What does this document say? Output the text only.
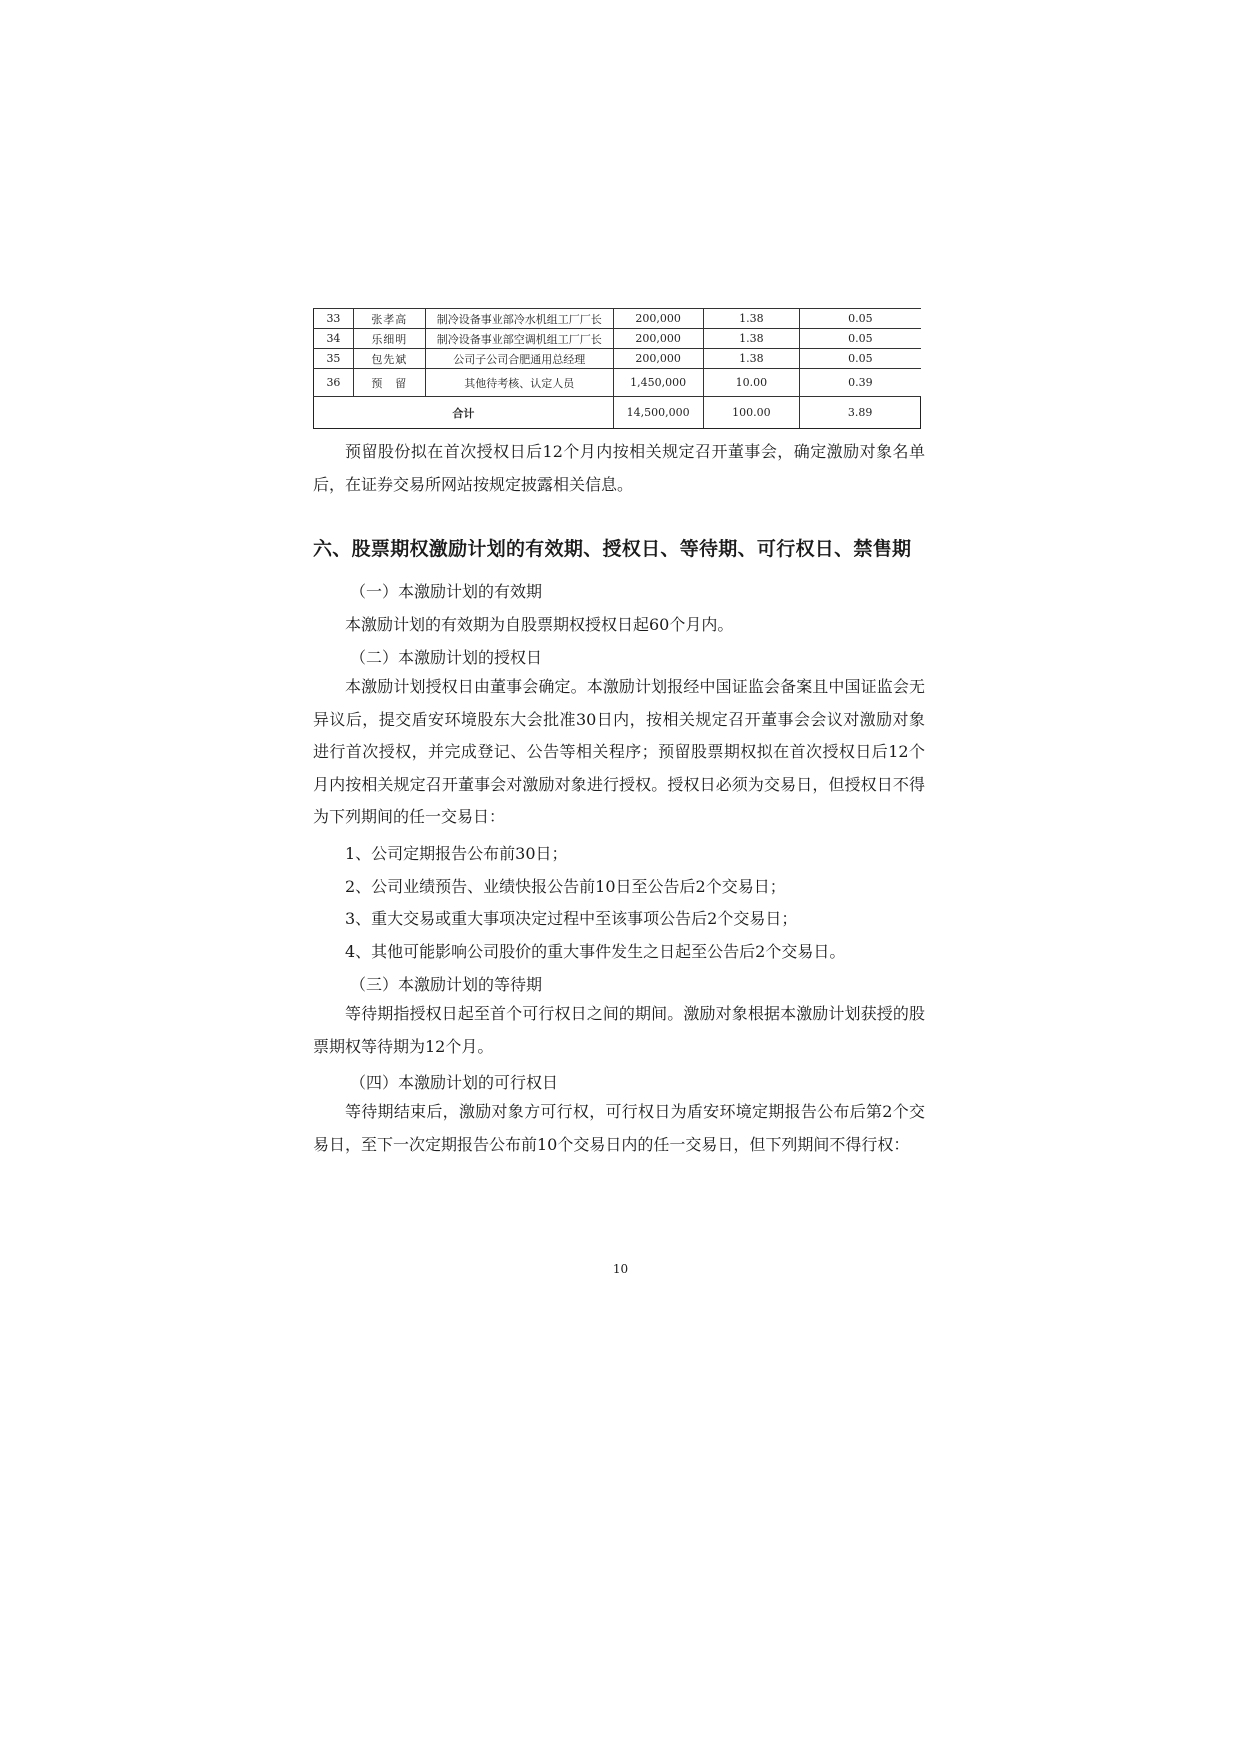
33	张孝高	制冷设备事业部冷水机组工厂厂长	200,000	1.38	0.05
34	乐细明	制冷设备事业部空调机组工厂厂长	200,000	1.38	0.05
35	包先斌	公司子公司合肥通用总经理	200,000	1.38	0.05
36	预　留	其他待考核、认定人员	1,450,000	10.00	0.39
合计			14,500,000	100.00	3.89

预留股份拟在首次授权日后12个月内按相关规定召开董事会，确定激励对象名单后，在证券交易所网站按规定披露相关信息。

六、股票期权激励计划的有效期、授权日、等待期、可行权日、禁售期

（一）本激励计划的有效期

本激励计划的有效期为自股票期权授权日起60个月内。

（二）本激励计划的授权日

本激励计划授权日由董事会确定。本激励计划报经中国证监会备案且中国证监会无异议后，提交盾安环境股东大会批准30日内，按相关规定召开董事会会议对激励对象进行首次授权，并完成登记、公告等相关程序；预留股票期权拟在首次授权日后12个月内按相关规定召开董事会对激励对象进行授权。授权日必须为交易日，但授权日不得为下列期间的任一交易日：

1、公司定期报告公布前30日；

2、公司业绩预告、业绩快报公告前10日至公告后2个交易日；

3、重大交易或重大事项决定过程中至该事项公告后2个交易日；

4、其他可能影响公司股价的重大事件发生之日起至公告后2个交易日。

（三）本激励计划的等待期

等待期指授权日起至首个可行权日之间的期间。激励对象根据本激励计划获授的股票期权等待期为12个月。

（四）本激励计划的可行权日

等待期结束后，激励对象方可行权，可行权日为盾安环境定期报告公布后第2个交易日，至下一次定期报告公布前10个交易日内的任一交易日，但下列期间不得行权：

10
